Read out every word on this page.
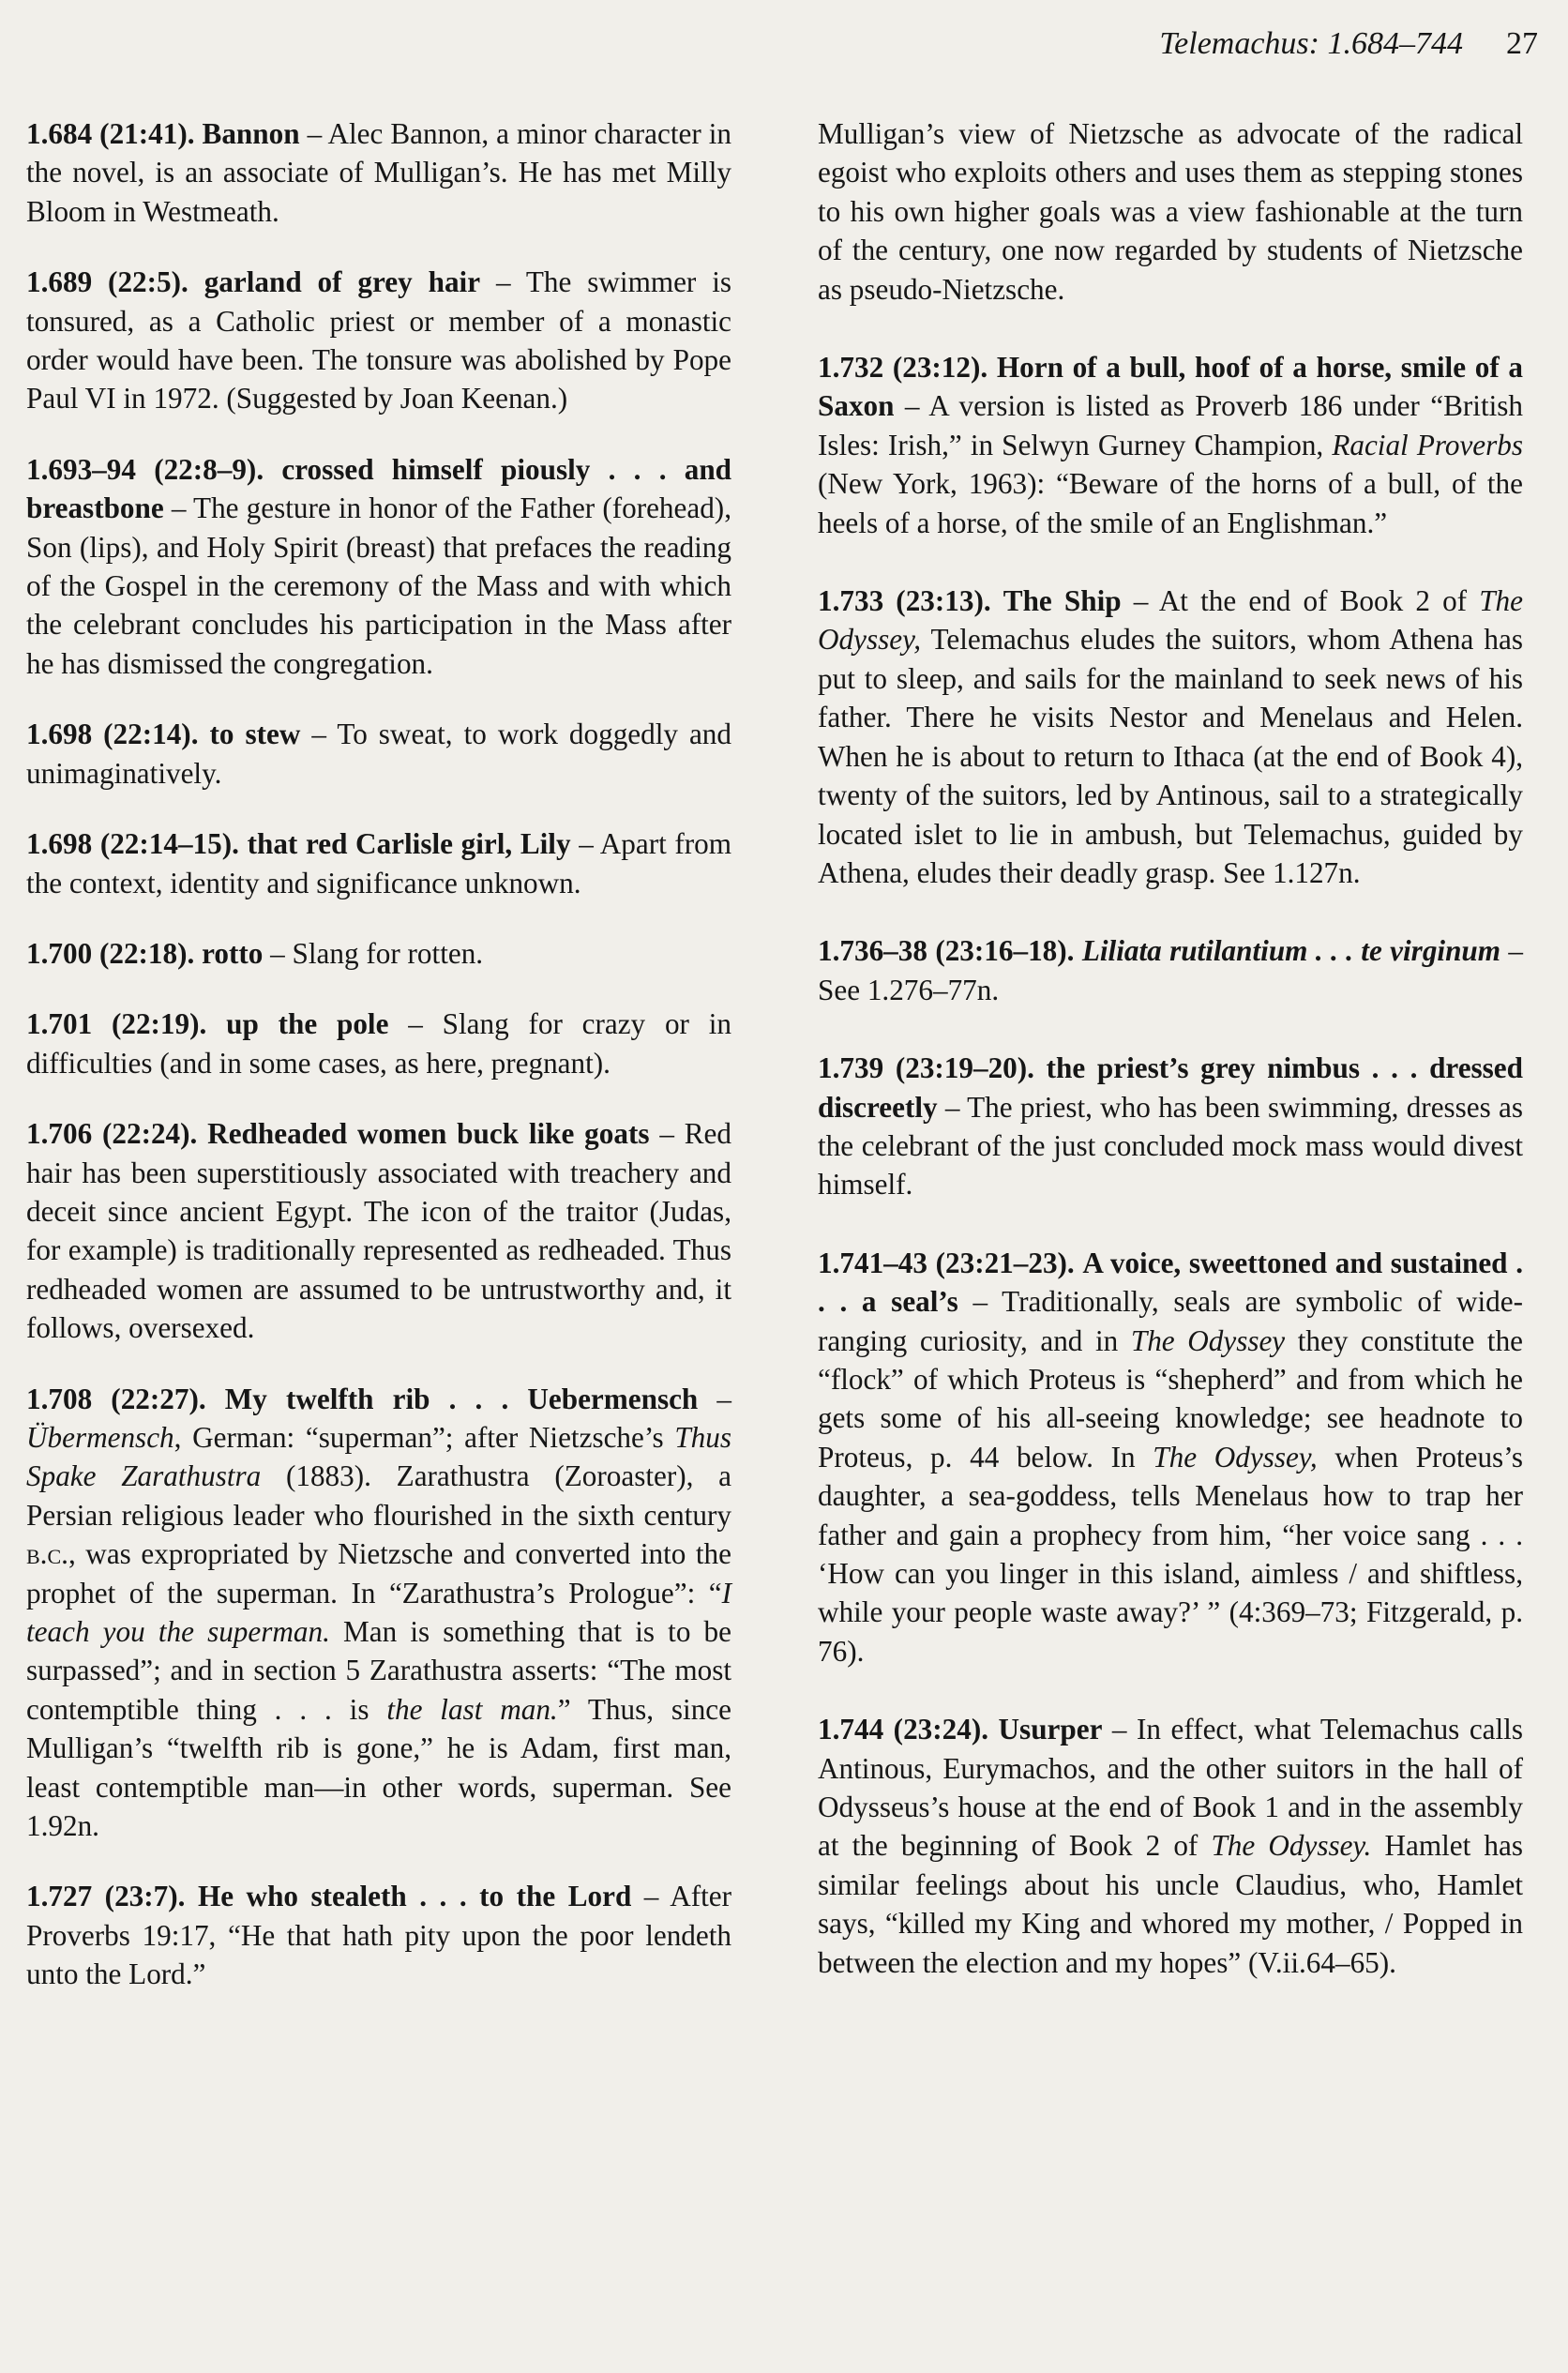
Telemachus: 1.684–744 27

1.684 (21:41). Bannon – Alec Bannon, a minor character in the novel, is an associate of Mulligan’s. He has met Milly Bloom in Westmeath.

1.689 (22:5). garland of grey hair – The swimmer is tonsured, as a Catholic priest or member of a monastic order would have been. The tonsure was abolished by Pope Paul VI in 1972. (Suggested by Joan Keenan.)

1.693–94 (22:8–9). crossed himself piously . . . and breastbone – The gesture in honor of the Father (forehead), Son (lips), and Holy Spirit (breast) that prefaces the reading of the Gospel in the ceremony of the Mass and with which the celebrant concludes his participation in the Mass after he has dismissed the congregation.

1.698 (22:14). to stew – To sweat, to work doggedly and unimaginatively.

1.698 (22:14–15). that red Carlisle girl, Lily – Apart from the context, identity and significance unknown.

1.700 (22:18). rotto – Slang for rotten.

1.701 (22:19). up the pole – Slang for crazy or in difficulties (and in some cases, as here, pregnant).

1.706 (22:24). Redheaded women buck like goats – Red hair has been superstitiously associated with treachery and deceit since ancient Egypt. The icon of the traitor (Judas, for example) is traditionally represented as redheaded. Thus redheaded women are assumed to be untrustworthy and, it follows, oversexed.

1.708 (22:27). My twelfth rib . . . Uebermensch – Übermensch, German: “superman”; after Nietzsche’s Thus Spake Zarathustra (1883). Zarathustra (Zoroaster), a Persian religious leader who flourished in the sixth century b.c., was expropriated by Nietzsche and converted into the prophet of the superman. In “Zarathustra’s Prologue”: “I teach you the superman. Man is something that is to be surpassed”; and in section 5 Zarathustra asserts: “The most contemptible thing . . . is the last man.” Thus, since Mulligan’s “twelfth rib is gone,” he is Adam, first man, least contemptible man—in other words, superman. See 1.92n.

1.727 (23:7). He who stealeth . . . to the Lord – After Proverbs 19:17, “He that hath pity upon the poor lendeth unto the Lord.”

Mulligan’s view of Nietzsche as advocate of the radical egoist who exploits others and uses them as stepping stones to his own higher goals was a view fashionable at the turn of the century, one now regarded by students of Nietzsche as pseudo-Nietzsche.

1.732 (23:12). Horn of a bull, hoof of a horse, smile of a Saxon – A version is listed as Proverb 186 under “British Isles: Irish,” in Selwyn Gurney Champion, Racial Proverbs (New York, 1963): “Beware of the horns of a bull, of the heels of a horse, of the smile of an Englishman.”

1.733 (23:13). The Ship – At the end of Book 2 of The Odyssey, Telemachus eludes the suitors, whom Athena has put to sleep, and sails for the mainland to seek news of his father. There he visits Nestor and Menelaus and Helen. When he is about to return to Ithaca (at the end of Book 4), twenty of the suitors, led by Antinous, sail to a strategically located islet to lie in ambush, but Telemachus, guided by Athena, eludes their deadly grasp. See 1.127n.

1.736–38 (23:16–18). Liliata rutilantium . . . te virginum – See 1.276–77n.

1.739 (23:19–20). the priest’s grey nimbus . . . dressed discreetly – The priest, who has been swimming, dresses as the celebrant of the just concluded mock mass would divest himself.

1.741–43 (23:21–23). A voice, sweettoned and sustained . . . a seal’s – Traditionally, seals are symbolic of wide-ranging curiosity, and in The Odyssey they constitute the “flock” of which Proteus is “shepherd” and from which he gets some of his all-seeing knowledge; see headnote to Proteus, p. 44 below. In The Odyssey, when Proteus’s daughter, a sea-goddess, tells Menelaus how to trap her father and gain a prophecy from him, “her voice sang . . . ‘How can you linger in this island, aimless / and shiftless, while your people waste away?’ ” (4:369–73; Fitzgerald, p. 76).

1.744 (23:24). Usurper – In effect, what Telemachus calls Antinous, Eurymachos, and the other suitors in the hall of Odysseus’s house at the end of Book 1 and in the assembly at the beginning of Book 2 of The Odyssey. Hamlet has similar feelings about his uncle Claudius, who, Hamlet says, “killed my King and whored my mother, / Popped in between the election and my hopes” (V.ii.64–65).
